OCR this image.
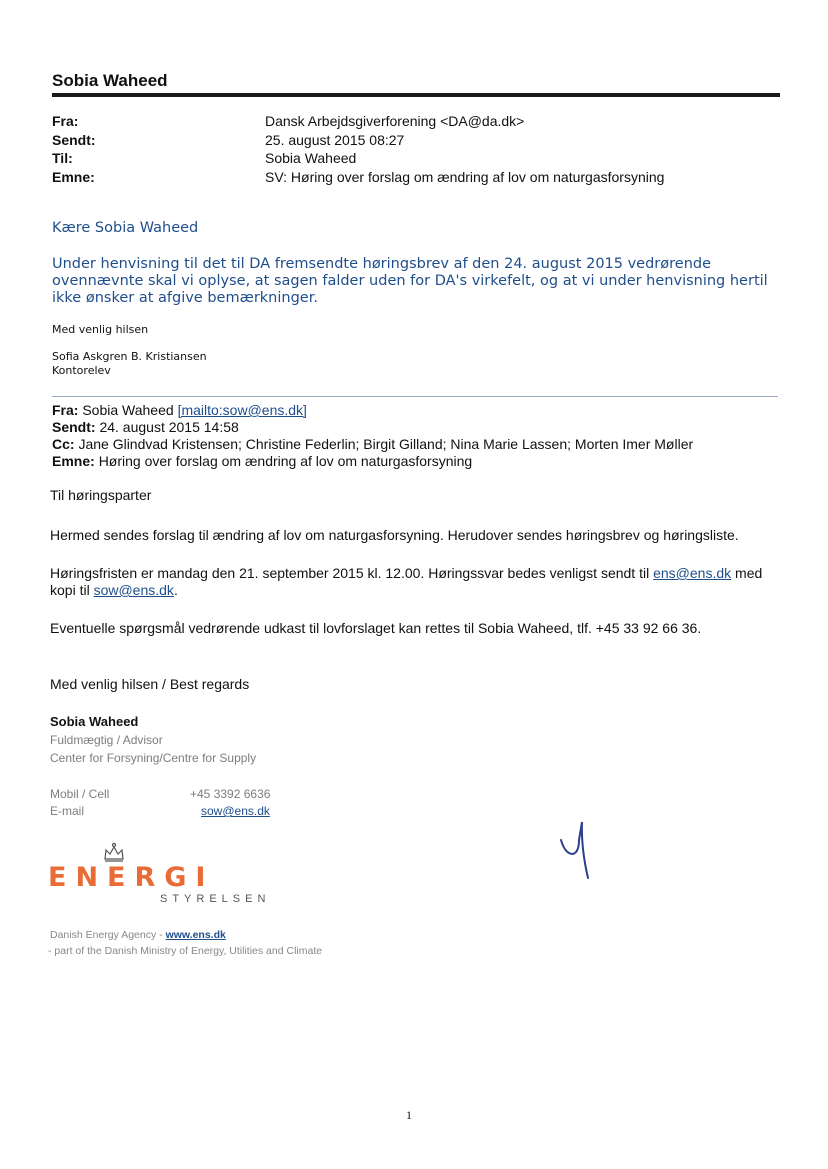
Sobia Waheed
Fra:	Dansk Arbejdsgiverforening <DA@da.dk>
Sendt:	25. august 2015 08:27
Til:	Sobia Waheed
Emne:	SV: Høring over forslag om ændring af lov om naturgasforsyning
Kære Sobia Waheed
Under henvisning til det til DA fremsendte høringsbrev af den 24. august 2015 vedrørende ovennævnte skal vi oplyse, at sagen falder uden for DA's virkefelt, og at vi under henvisning hertil ikke ønsker at afgive bemærkninger.
Med venlig hilsen
Sofia Askgren B. Kristiansen
Kontorelev
Fra: Sobia Waheed [mailto:sow@ens.dk]
Sendt: 24. august 2015 14:58
Cc: Jane Glindvad Kristensen; Christine Federlin; Birgit Gilland; Nina Marie Lassen; Morten Imer Møller
Emne: Høring over forslag om ændring af lov om naturgasforsyning
Til høringsparter
Hermed sendes forslag til ændring af lov om naturgasforsyning. Herudover sendes høringsbrev og høringsliste.
Høringsfristen er mandag den 21. september 2015 kl. 12.00. Høringssvar bedes venligst sendt til ens@ens.dk med
kopi til sow@ens.dk.
Eventuelle spørgsmål vedrørende udkast til lovforslaget kan rettes til Sobia Waheed, tlf. +45 33 92 66 36.
Med venlig hilsen / Best regards
Sobia Waheed
Fuldmægtig / Advisor
Center for Forsyning/Centre for Supply
Mobil / Cell	+45 3392 6636
E-mail	sow@ens.dk
ENERGI
STYRELSEN
Danish Energy Agency - www.ens.dk
- part of the Danish Ministry of Energy, Utilities and Climate
1
